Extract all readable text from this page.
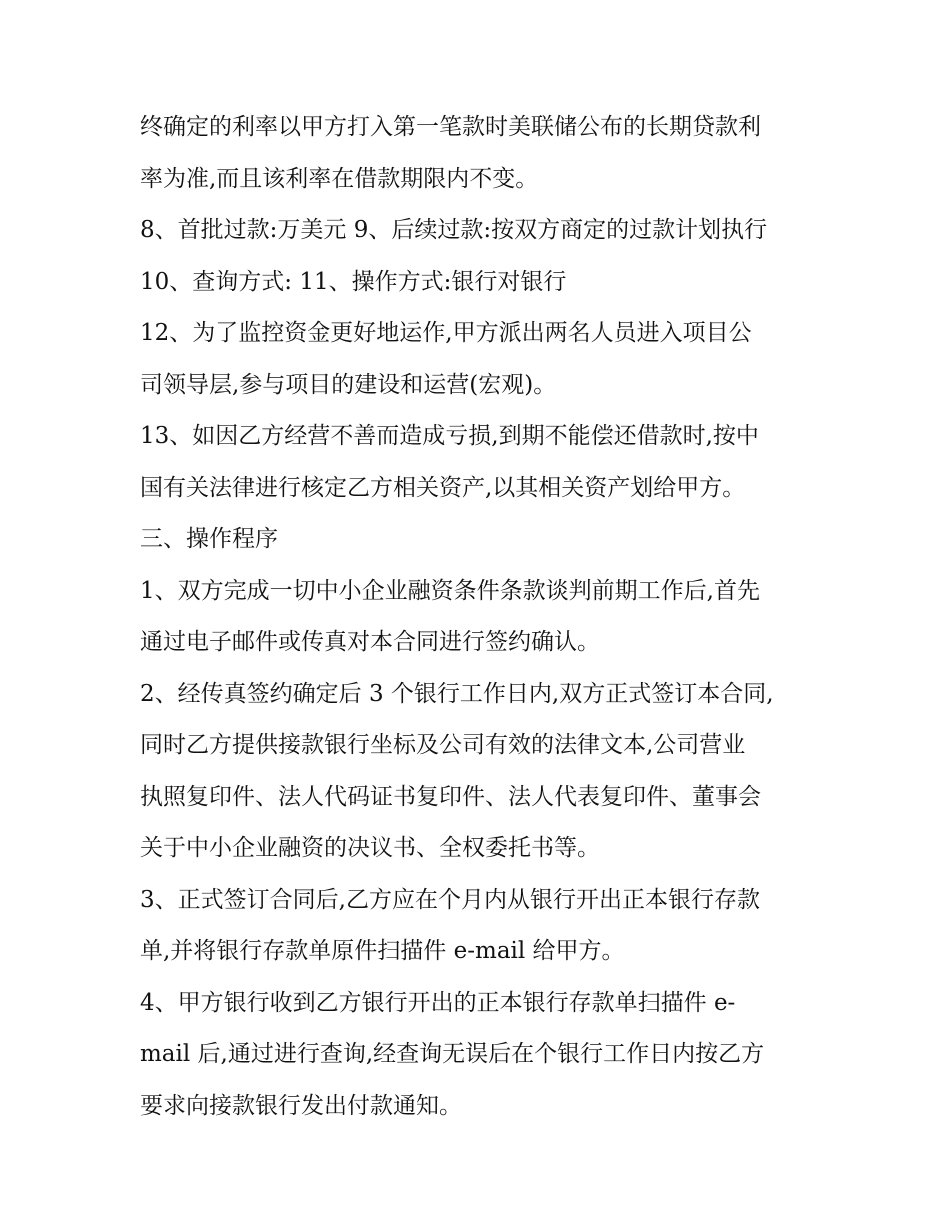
终确定的利率以甲方打入第一笔款时美联储公布的长期贷款利
率为准,而且该利率在借款期限内不变。
8、首批过款:万美元 9、后续过款:按双方商定的过款计划执行
10、查询方式: 11、操作方式:银行对银行
12、为了监控资金更好地运作,甲方派出两名人员进入项目公
司领导层,参与项目的建设和运营(宏观)。
13、如因乙方经营不善而造成亏损,到期不能偿还借款时,按中
国有关法律进行核定乙方相关资产,以其相关资产划给甲方。
三、操作程序
1、双方完成一切中小企业融资条件条款谈判前期工作后,首先
通过电子邮件或传真对本合同进行签约确认。
2、经传真签约确定后 3 个银行工作日内,双方正式签订本合同,
同时乙方提供接款银行坐标及公司有效的法律文本,公司营业
执照复印件、法人代码证书复印件、法人代表复印件、董事会
关于中小企业融资的决议书、全权委托书等。
3、正式签订合同后,乙方应在个月内从银行开出正本银行存款
单,并将银行存款单原件扫描件 e-mail 给甲方。
4、甲方银行收到乙方银行开出的正本银行存款单扫描件 e-
mail 后,通过进行查询,经查询无误后在个银行工作日内按乙方
要求向接款银行发出付款通知。
